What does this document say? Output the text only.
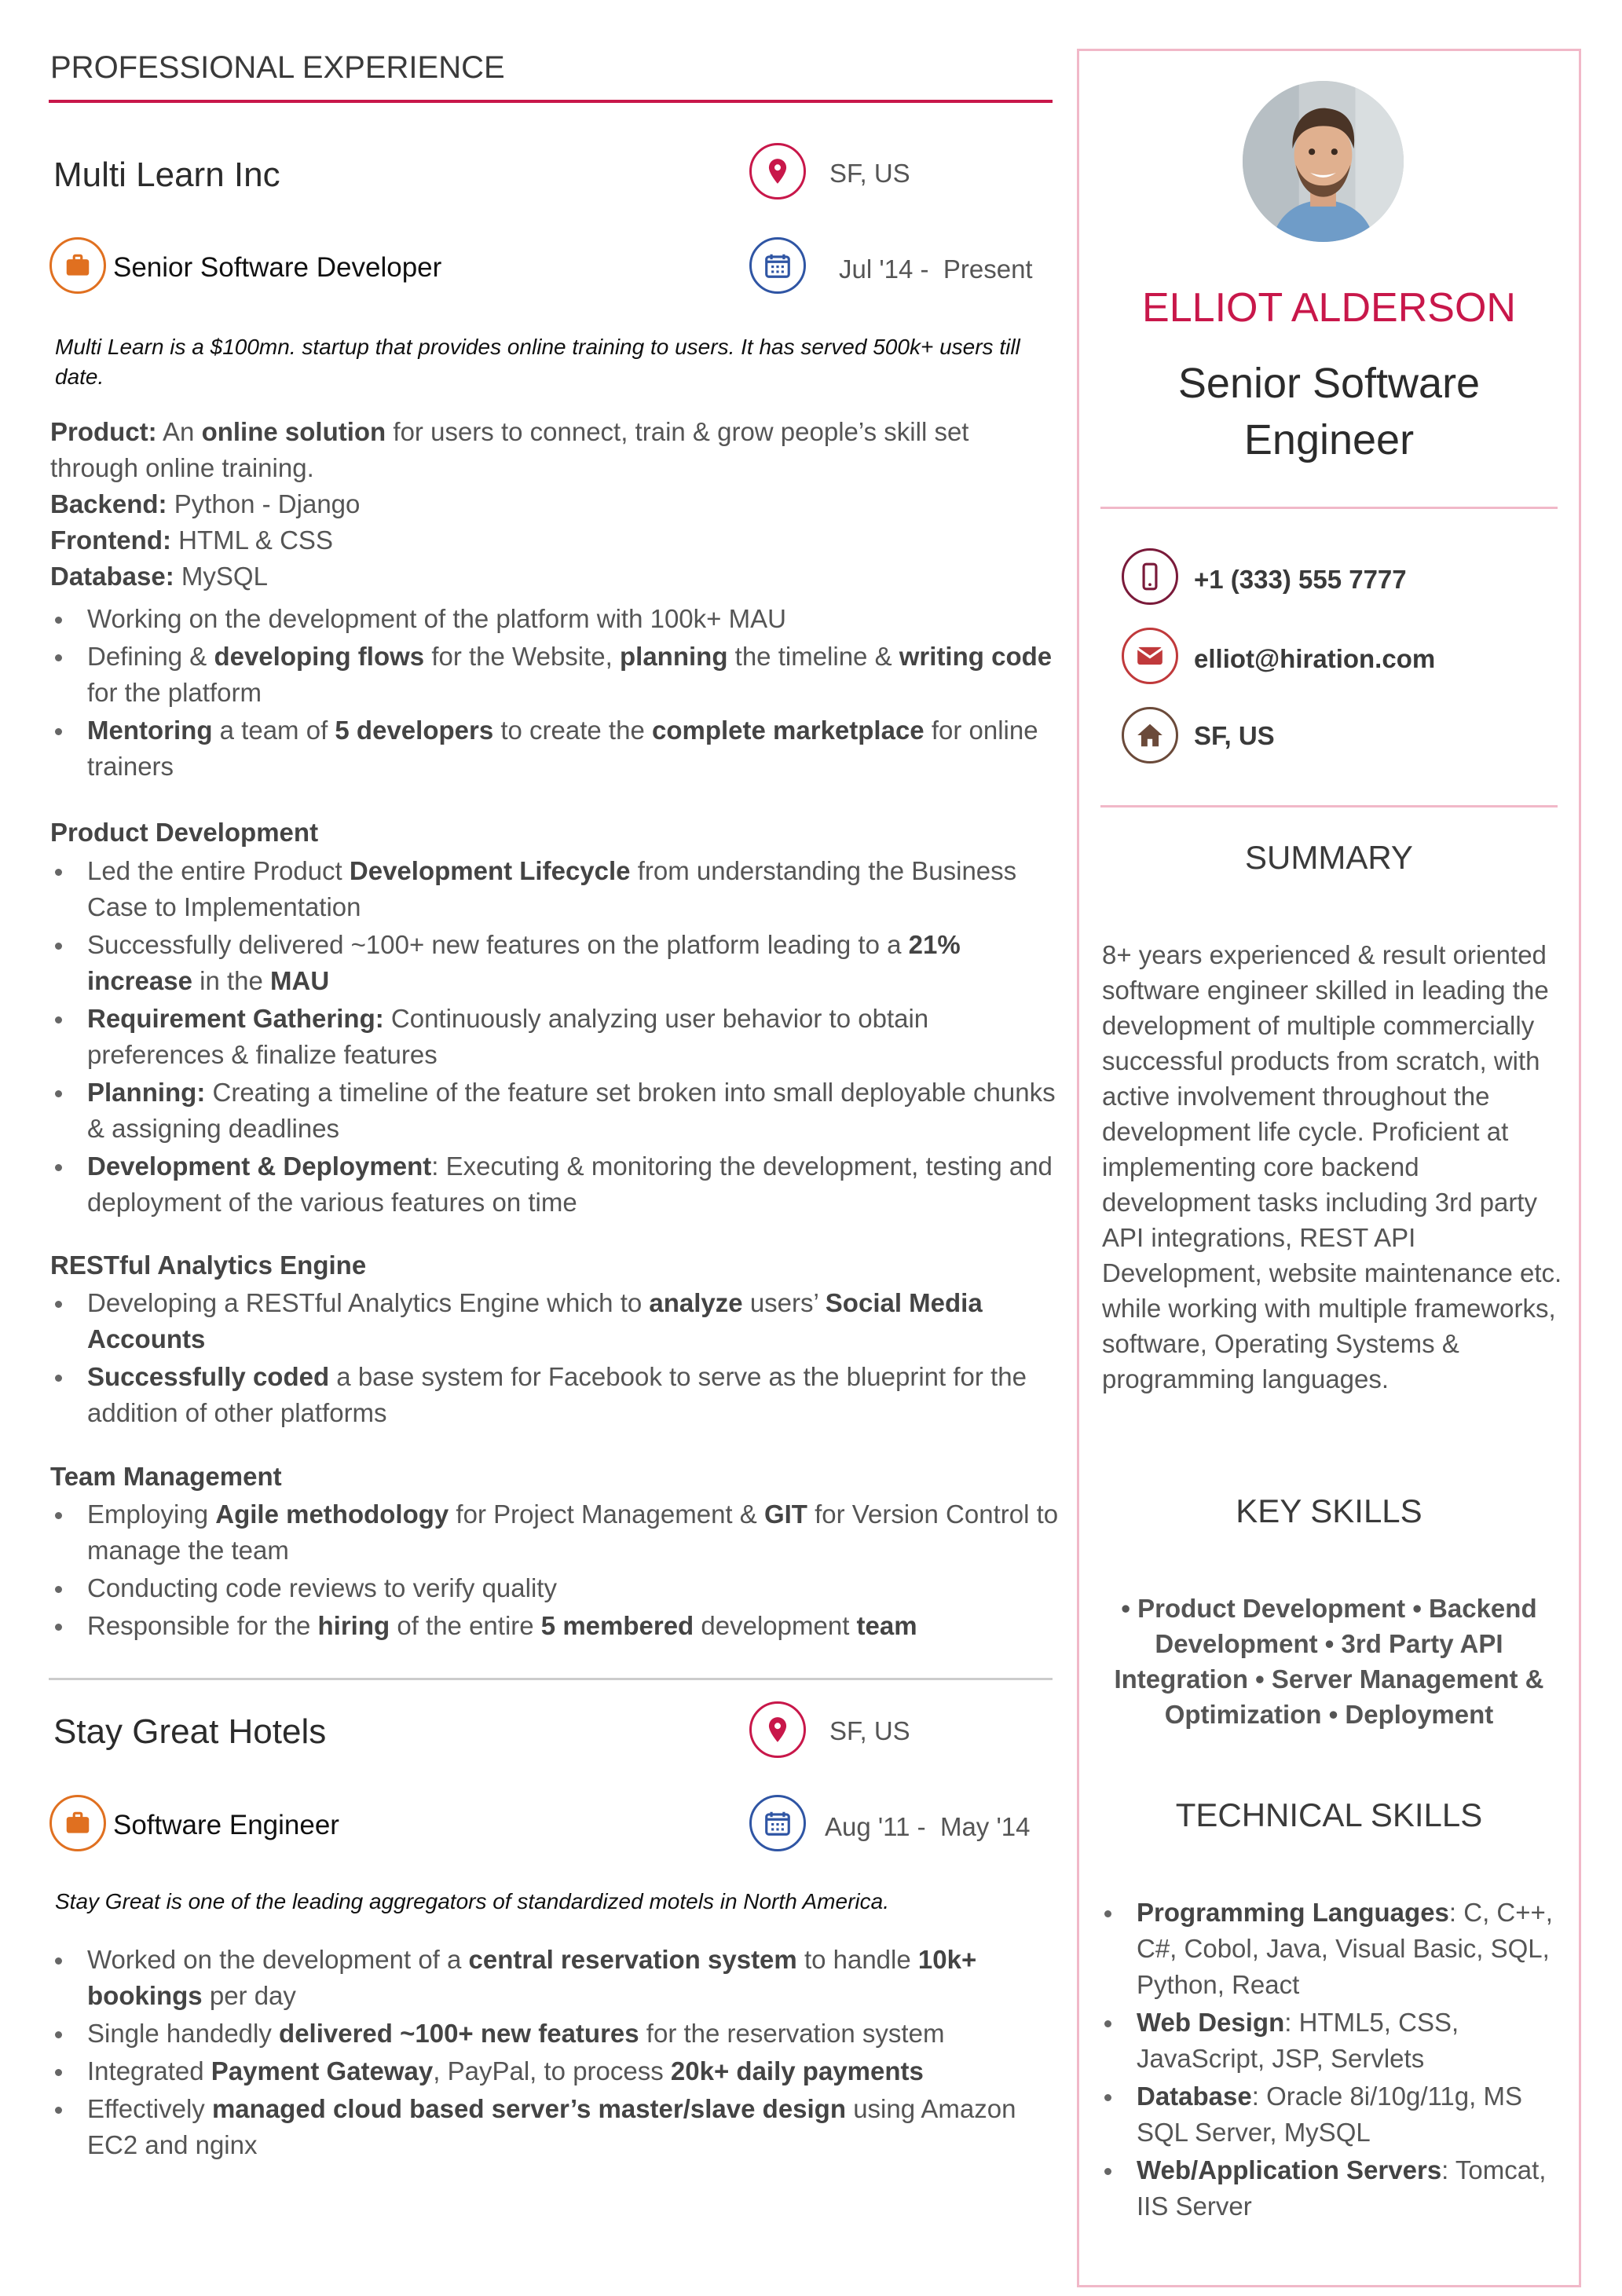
PROFESSIONAL EXPERIENCE
Multi Learn Inc	SF, US
Senior Software Developer	Jul '14 - Present
Multi Learn is a $100mn. startup that provides online training to users. It has served 500k+ users till date.
Product: An online solution for users to connect, train & grow people’s skill set through online training.
Backend: Python - Django
Frontend: HTML & CSS
Database: MySQL
Working on the development of the platform with 100k+ MAU
Defining & developing flows for the Website, planning the timeline & writing code for the platform
Mentoring a team of 5 developers to create the complete marketplace for online trainers
Product Development
Led the entire Product Development Lifecycle from understanding the Business Case to Implementation
Successfully delivered ~100+ new features on the platform leading to a 21% increase in the MAU
Requirement Gathering: Continuously analyzing user behavior to obtain preferences & finalize features
Planning: Creating a timeline of the feature set broken into small deployable chunks & assigning deadlines
Development & Deployment: Executing & monitoring the development, testing and deployment of the various features on time
RESTful Analytics Engine
Developing a RESTful Analytics Engine which to analyze users’ Social Media Accounts
Successfully coded a base system for Facebook to serve as the blueprint for the addition of other platforms
Team Management
Employing Agile methodology for Project Management & GIT for Version Control to manage the team
Conducting code reviews to verify quality
Responsible for the hiring of the entire 5 membered development team
Stay Great Hotels	SF, US
Software Engineer	Aug '11 - May '14
Stay Great is one of the leading aggregators of standardized motels in North America.
Worked on the development of a central reservation system to handle 10k+ bookings per day
Single handedly delivered ~100+ new features for the reservation system
Integrated Payment Gateway, PayPal, to process 20k+ daily payments
Effectively managed cloud based server’s master/slave design using Amazon EC2 and nginx
ELLIOT ALDERSON
Senior Software
Engineer
+1 (333) 555 7777
elliot@hiration.com
SF, US
SUMMARY
8+ years experienced & result oriented software engineer skilled in leading the development of multiple commercially successful products from scratch, with active involvement throughout the development life cycle. Proficient at implementing core backend development tasks including 3rd party API integrations, REST API Development, website maintenance etc. while working with multiple frameworks, software, Operating Systems & programming languages.
KEY SKILLS
• Product Development • Backend Development • 3rd Party API Integration • Server Management & Optimization • Deployment
TECHNICAL SKILLS
Programming Languages: C, C++, C#, Cobol, Java, Visual Basic, SQL, Python, React
Web Design: HTML5, CSS, JavaScript, JSP, Servlets
Database: Oracle 8i/10g/11g, MS SQL Server, MySQL
Web/Application Servers: Tomcat, IIS Server
